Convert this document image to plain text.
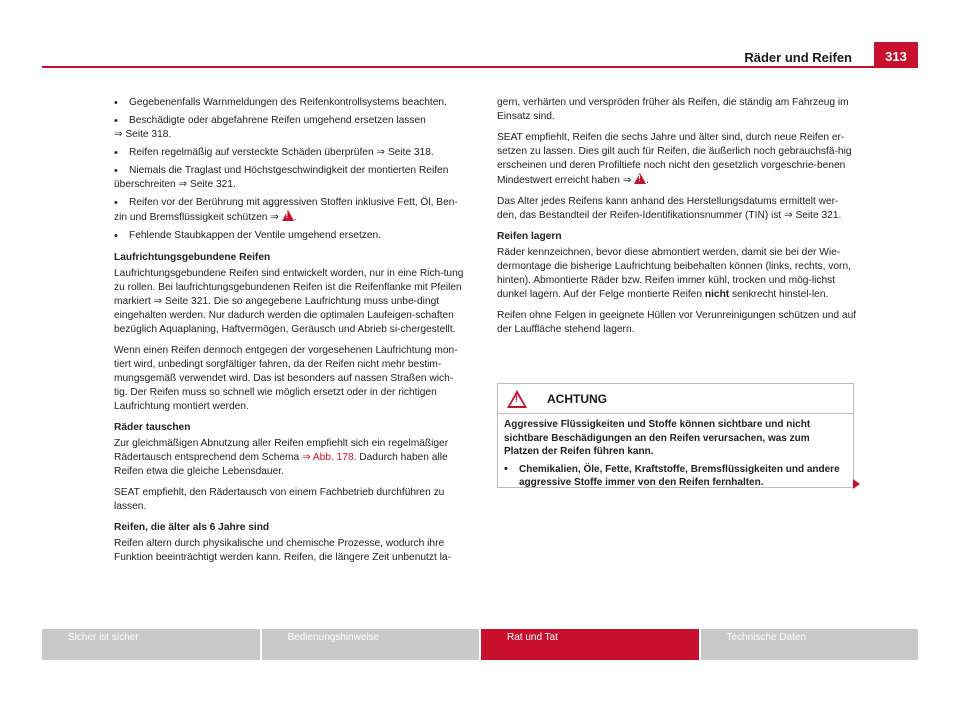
Räder und Reifen	313
• Gegebenenfalls Warnmeldungen des Reifenkontrollsystems beachten.
• Beschädigte oder abgefahrene Reifen umgehend ersetzen lassen
⇒ Seite 318.
• Reifen regelmäßig auf versteckte Schäden überprüfen ⇒ Seite 318.
• Niemals die Traglast und Höchstgeschwindigkeit der montierten Reifen
überschreiten ⇒ Seite 321.
• Reifen vor der Berührung mit aggressiven Stoffen inklusive Fett, Öl, Ben-
zin und Bremsflüssigkeit schützen ⇒ ! .
• Fehlende Staubkappen der Ventile umgehend ersetzen.
Laufrichtungsgebundene Reifen
Laufrichtungsgebundene Reifen sind entwickelt worden, nur in eine Rich-tung zu rollen. Bei laufrichtungsgebundenen Reifen ist die Reifenflanke mit Pfeilen markiert ⇒ Seite 321. Die so angegebene Laufrichtung muss unbe-dingt eingehalten werden. Nur dadurch werden die optimalen Laufeigen-schaften bezüglich Aquaplaning, Haftvermögen, Geräusch und Abrieb si-chergestellt.
Wenn einen Reifen dennoch entgegen der vorgesehenen Laufrichtung mon-tiert wird, unbedingt sorgfältiger fahren, da der Reifen nicht mehr bestim-mungsgemäß verwendet wird. Das ist besonders auf nassen Straßen wich-tig. Der Reifen muss so schnell wie möglich ersetzt oder in der richtigen Laufrichtung montiert werden.
Räder tauschen
Zur gleichmäßigen Abnutzung aller Reifen empfiehlt sich ein regelmäßiger Rädertausch entsprechend dem Schema ⇒ Abb. 178. Dadurch haben alle Reifen etwa die gleiche Lebensdauer.
SEAT empfiehlt, den Rädertausch von einem Fachbetrieb durchführen zu lassen.
Reifen, die älter als 6 Jahre sind
Reifen altern durch physikalische und chemische Prozesse, wodurch ihre Funktion beeinträchtigt werden kann. Reifen, die längere Zeit unbenutzt la-
gern, verhärten und verspröden früher als Reifen, die ständig am Fahrzeug im Einsatz sind.
SEAT empfiehlt, Reifen die sechs Jahre und älter sind, durch neue Reifen er-setzen zu lassen. Dies gilt auch für Reifen, die äußerlich noch gebrauchsfä-hig erscheinen und deren Profiltiefe noch nicht den gesetzlich vorgeschrie-benen Mindestwert erreicht haben ⇒ ! .
Das Alter jedes Reifens kann anhand des Herstellungsdatums ermittelt wer-den, das Bestandteil der Reifen-Identifikationsnummer (TIN) ist ⇒ Seite 321.
Reifen lagern
Räder kennzeichnen, bevor diese abmontiert werden, damit sie bei der Wie-dermontage die bisherige Laufrichtung beibehalten können (links, rechts, vorn, hinten). Abmontierte Räder bzw. Reifen immer kühl, trocken und mög-lichst dunkel lagern. Auf der Felge montierte Reifen nicht senkrecht hinstel-len.
Reifen ohne Felgen in geeignete Hüllen vor Verunreinigungen schützen und auf der Lauffläche stehend lagern.
! ACHTUNG
Aggressive Flüssigkeiten und Stoffe können sichtbare und nicht sichtbare Beschädigungen an den Reifen verursachen, was zum Platzen der Reifen führen kann.
• Chemikalien, Öle, Fette, Kraftstoffe, Bremsflüssigkeiten und andere aggressive Stoffe immer von den Reifen fernhalten.
Sicher ist sicher	Bedienungshinweise	Rat und Tat	Technische Daten
